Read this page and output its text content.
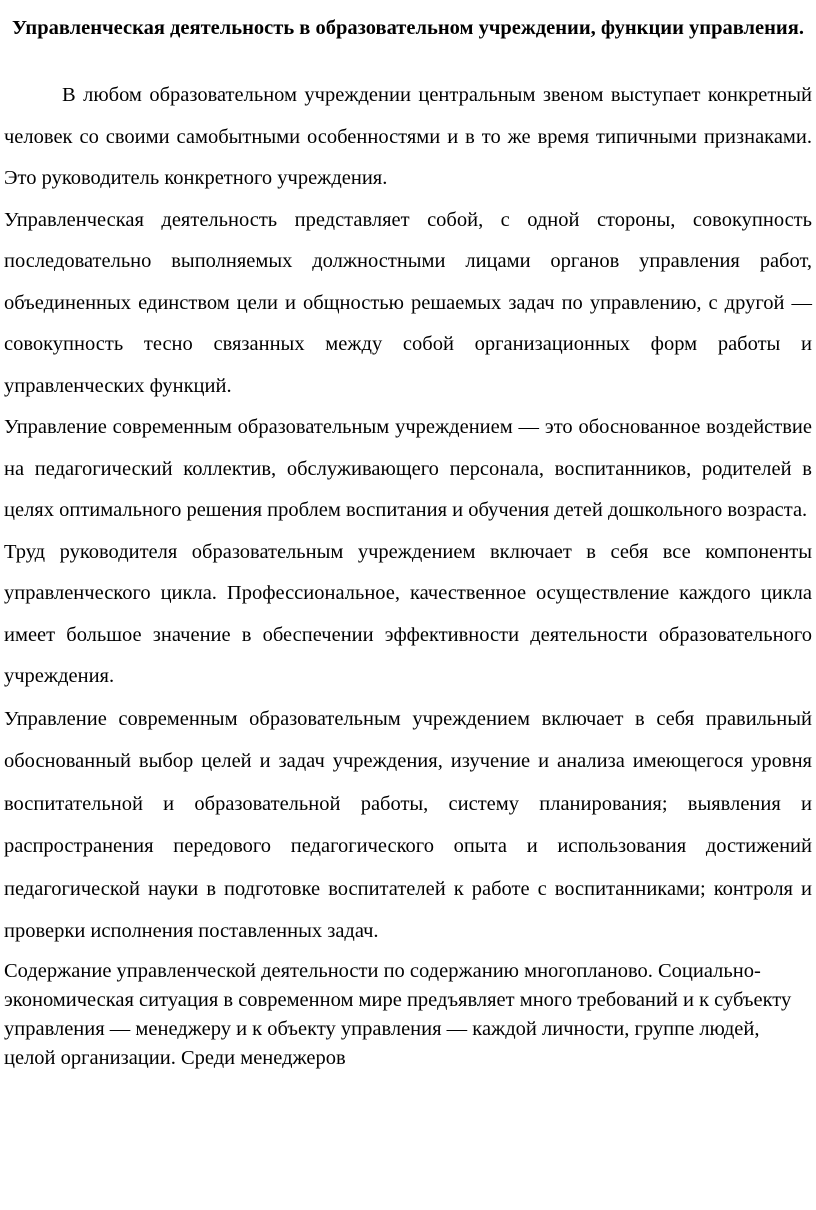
Управленческая деятельность в образовательном учреждении, функции управления.

В любом образовательном учреждении центральным звеном выступает конкретный человек со своими самобытными особенностями и в то же время типичными признаками. Это руководитель конкретного учреждения.

Управленческая деятельность представляет собой, с одной стороны, совокупность последовательно выполняемых должностными лицами органов управления работ, объединенных единством цели и общностью решаемых задач по управлению, с другой — совокупность тесно связанных между собой организационных форм работы и управленческих функций.

Управление современным образовательным учреждением — это обоснованное воздействие на педагогический коллектив, обслуживающего персонала, воспитанников, родителей в целях оптимального решения проблем воспитания и обучения детей дошкольного возраста.

Труд руководителя образовательным учреждением включает в себя все компоненты управленческого цикла. Профессиональное, качественное осуществление каждого цикла имеет большое значение в обеспечении эффективности деятельности образовательного учреждения.

Управление современным образовательным учреждением включает в себя правильный обоснованный выбор целей и задач учреждения, изучение и анализа имеющегося уровня воспитательной и образовательной работы, систему планирования; выявления и распространения передового педагогического опыта и использования достижений педагогической науки в подготовке воспитателей к работе с воспитанниками; контроля и проверки исполнения поставленных задач.

Содержание управленческой деятельности по содержанию многопланово. Социально-экономическая ситуация в современном мире предъявляет много требований и к субъекту управления — менеджеру и к объекту управления — каждой личности, группе людей, целой организации. Среди менеджеров
